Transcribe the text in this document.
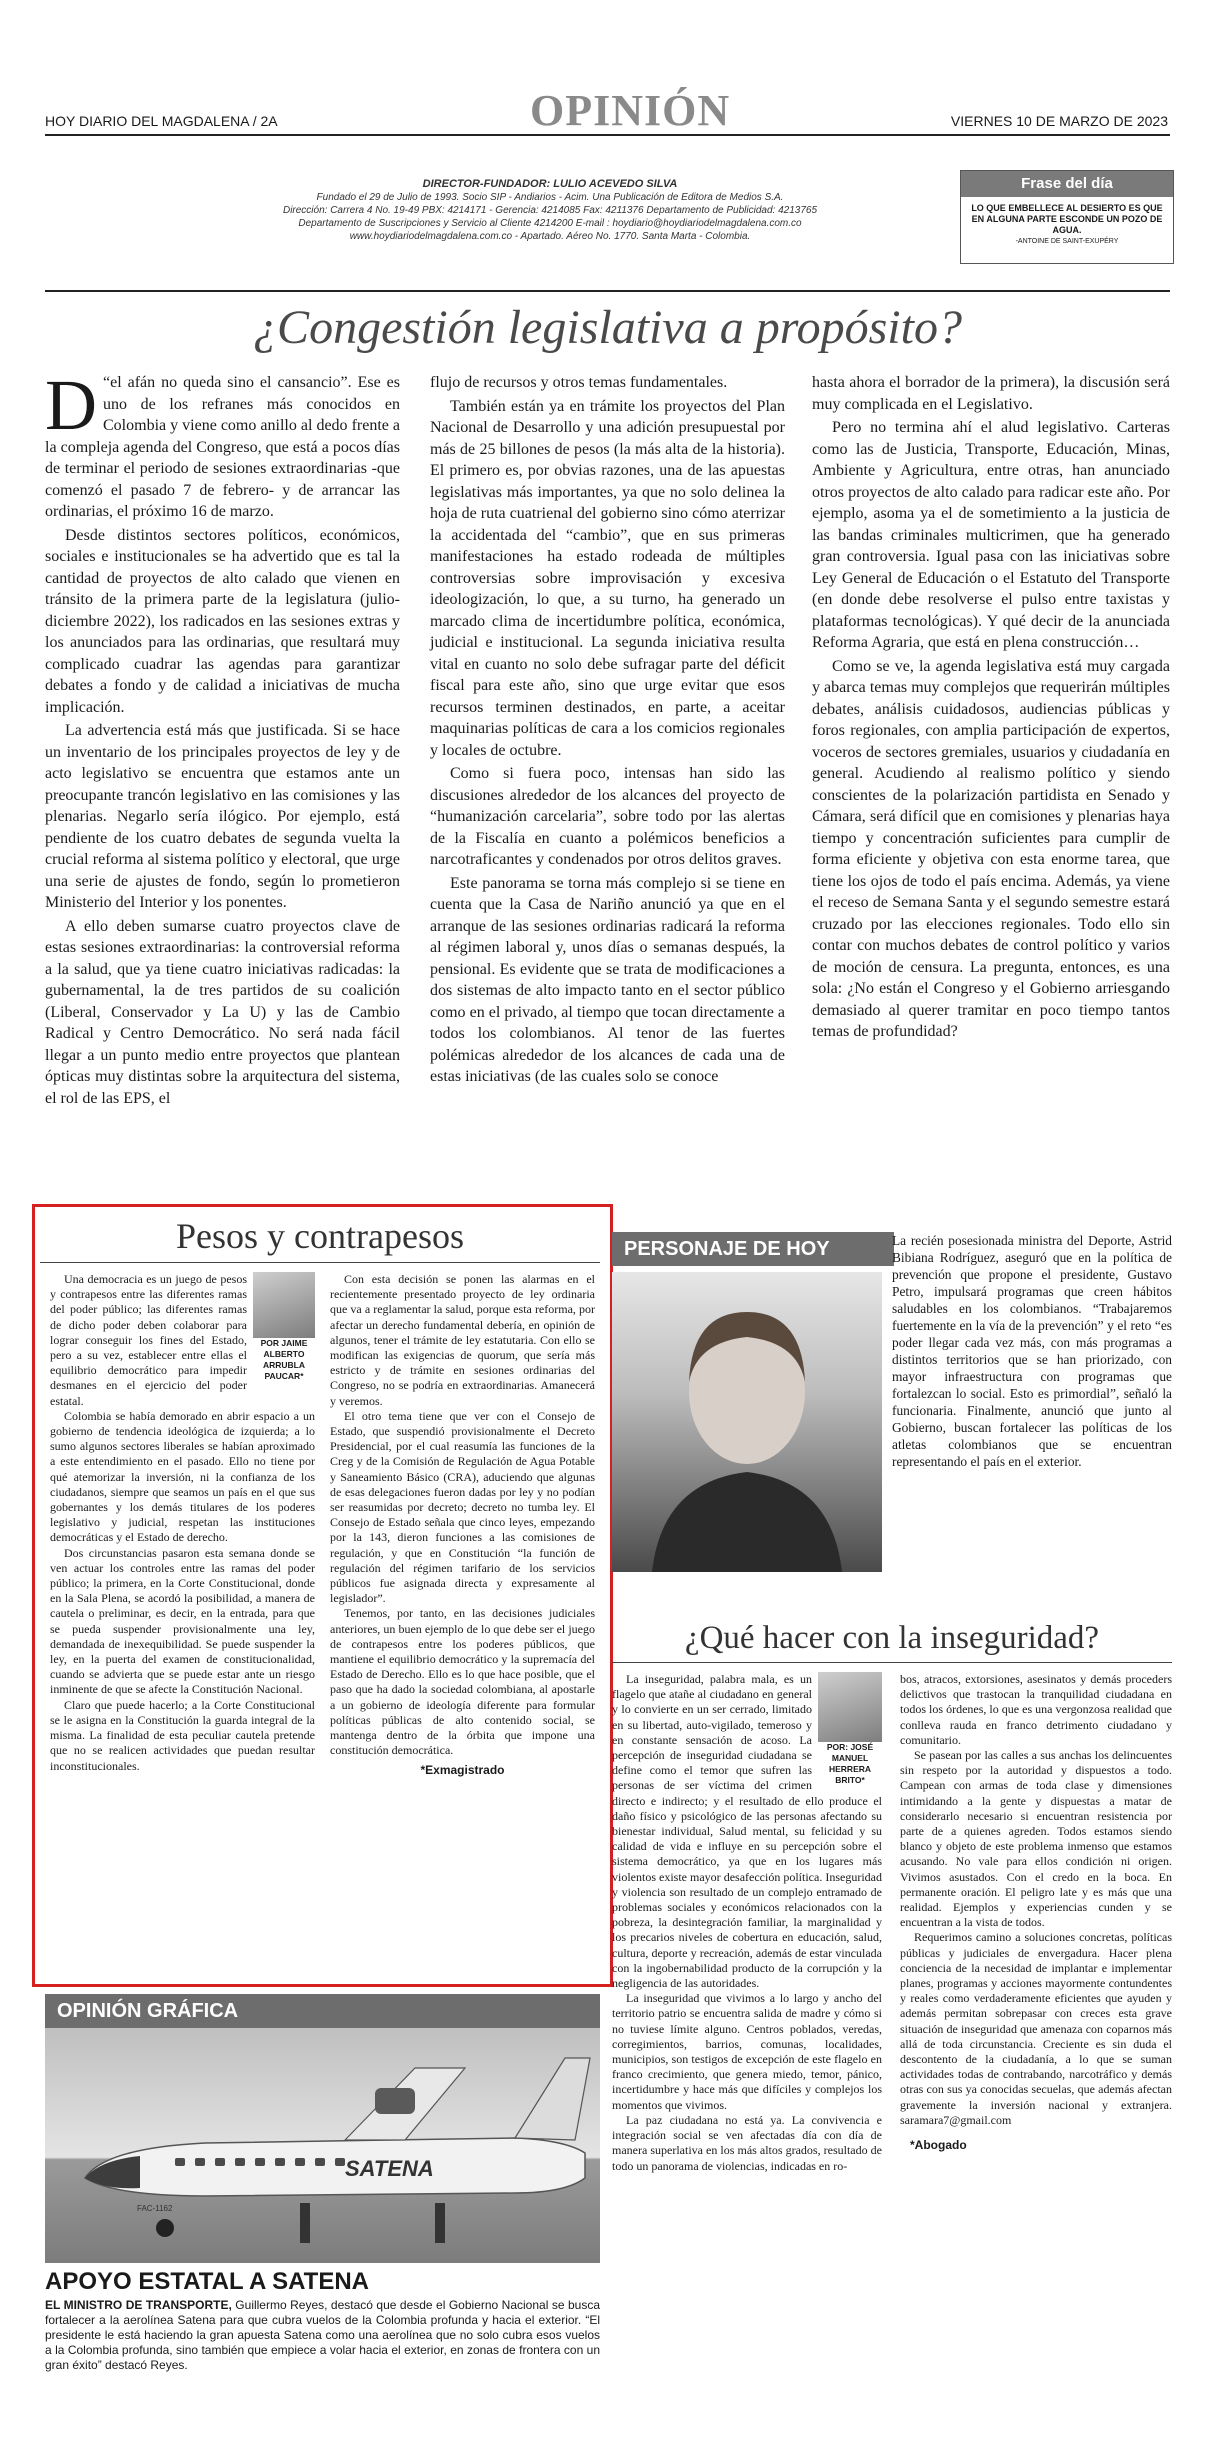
HOY DIARIO DEL MAGDALENA / 2A	OPINIÓN	VIERNES 10 DE MARZO DE 2023
DIRECTOR-FUNDADOR: LULIO ACEVEDO SILVA
Fundado el 29 de Julio de 1993. Socio SIP - Andiarios - Acim. Una Publicación de Editora de Medios S.A.
Dirección: Carrera 4 No. 19-49 PBX: 4214171 - Gerencia: 4214085 Fax: 4211376 Departamento de Publicidad: 4213765
Departamento de Suscripciones y Servicio al Cliente 4214200 E-mail : hoydiario@hoydiariodelmagdalena.com.co
www.hoydiariodelmagdalena.com.co - Apartado. Aéreo No. 1770. Santa Marta - Colombia.
Frase del día
LO QUE EMBELLECE AL DESIERTO ES QUE EN ALGUNA PARTE ESCONDE UN POZO DE AGUA.
-ANTOINE DE SAINT-EXUPÉRY
¿Congestión legislativa a propósito?

D “el afán no queda sino el cansancio”. Ese es uno de los refranes más conocidos en Colombia y viene como anillo al dedo frente a la compleja agenda del Congreso, que está a pocos días de terminar el periodo de sesiones extraordinarias -que comenzó el pasado 7 de febrero- y de arrancar las ordinarias, el próximo 16 de marzo.

Desde distintos sectores políticos, económicos, sociales e institucionales se ha advertido que es tal la cantidad de proyectos de alto calado que vienen en tránsito de la primera parte de la legislatura (julio-diciembre 2022), los radicados en las sesiones extras y los anunciados para las ordinarias, que resultará muy complicado cuadrar las agendas para garantizar debates a fondo y de calidad a iniciativas de mucha implicación.

La advertencia está más que justificada. Si se hace un inventario de los principales proyectos de ley y de acto legislativo se encuentra que estamos ante un preocupante trancón legislativo en las comisiones y las plenarias. Negarlo sería ilógico. Por ejemplo, está pendiente de los cuatro debates de segunda vuelta la crucial reforma al sistema político y electoral, que urge una serie de ajustes de fondo, según lo prometieron Ministerio del Interior y los ponentes.

A ello deben sumarse cuatro proyectos clave de estas sesiones extraordinarias: la controversial reforma a la salud, que ya tiene cuatro iniciativas radicadas: la gubernamental, la de tres partidos de su coalición (Liberal, Conservador y La U) y las de Cambio Radical y Centro Democrático. No será nada fácil llegar a un punto medio entre proyectos que plantean ópticas muy distintas sobre la arquitectura del sistema, el rol de las EPS, el

flujo de recursos y otros temas fundamentales.

También están ya en trámite los proyectos del Plan Nacional de Desarrollo y una adición presupuestal por más de 25 billones de pesos (la más alta de la historia). El primero es, por obvias razones, una de las apuestas legislativas más importantes, ya que no solo delinea la hoja de ruta cuatrienal del gobierno sino cómo aterrizar la accidentada del “cambio”, que en sus primeras manifestaciones ha estado rodeada de múltiples controversias sobre improvisación y excesiva ideologización, lo que, a su turno, ha generado un marcado clima de incertidumbre política, económica, judicial e institucional. La segunda iniciativa resulta vital en cuanto no solo debe sufragar parte del déficit fiscal para este año, sino que urge evitar que esos recursos terminen destinados, en parte, a aceitar maquinarias políticas de cara a los comicios regionales y locales de octubre.

Como si fuera poco, intensas han sido las discusiones alrededor de los alcances del proyecto de “humanización carcelaria”, sobre todo por las alertas de la Fiscalía en cuanto a polémicos beneficios a narcotraficantes y condenados por otros delitos graves.

Este panorama se torna más complejo si se tiene en cuenta que la Casa de Nariño anunció ya que en el arranque de las sesiones ordinarias radicará la reforma al régimen laboral y, unos días o semanas después, la pensional. Es evidente que se trata de modificaciones a dos sistemas de alto impacto tanto en el sector público como en el privado, al tiempo que tocan directamente a todos los colombianos. Al tenor de las fuertes polémicas alrededor de los alcances de cada una de estas iniciativas (de las cuales solo se conoce

hasta ahora el borrador de la primera), la discusión será muy complicada en el Legislativo.

Pero no termina ahí el alud legislativo. Carteras como las de Justicia, Transporte, Educación, Minas, Ambiente y Agricultura, entre otras, han anunciado otros proyectos de alto calado para radicar este año. Por ejemplo, asoma ya el de sometimiento a la justicia de las bandas criminales multicrimen, que ha generado gran controversia. Igual pasa con las iniciativas sobre Ley General de Educación o el Estatuto del Transporte (en donde debe resolverse el pulso entre taxistas y plataformas tecnológicas). Y qué decir de la anunciada Reforma Agraria, que está en plena construcción…

Como se ve, la agenda legislativa está muy cargada y abarca temas muy complejos que requerirán múltiples debates, análisis cuidadosos, audiencias públicas y foros regionales, con amplia participación de expertos, voceros de sectores gremiales, usuarios y ciudadanía en general. Acudiendo al realismo político y siendo conscientes de la polarización partidista en Senado y Cámara, será difícil que en comisiones y plenarias haya tiempo y concentración suficientes para cumplir de forma eficiente y objetiva con esta enorme tarea, que tiene los ojos de todo el país encima. Además, ya viene el receso de Semana Santa y el segundo semestre estará cruzado por las elecciones regionales. Todo ello sin contar con muchos debates de control político y varios de moción de censura. La pregunta, entonces, es una sola: ¿No están el Congreso y el Gobierno arriesgando demasiado al querer tramitar en poco tiempo tantos temas de profundidad?

Pesos y contrapesos
POR JAIME ALBERTO ARRUBLA PAUCAR*

Una democracia es un juego de pesos y contrapesos entre las diferentes ramas del poder público; las diferentes ramas de dicho poder deben colaborar para lograr conseguir los fines del Estado, pero a su vez, establecer entre ellas el equilibrio democrático para impedir desmanes en el ejercicio del poder estatal.

Colombia se había demorado en abrir espacio a un gobierno de tendencia ideológica de izquierda; a lo sumo algunos sectores liberales se habían aproximado a este entendimiento en el pasado. Ello no tiene por qué atemorizar la inversión, ni la confianza de los ciudadanos, siempre que seamos un país en el que sus gobernantes y los demás titulares de los poderes legislativo y judicial, respetan las instituciones democráticas y el Estado de derecho.

Dos circunstancias pasaron esta semana donde se ven actuar los controles entre las ramas del poder público; la primera, en la Corte Constitucional, donde en la Sala Plena, se acordó la posibilidad, a manera de cautela o preliminar, es decir, en la entrada, para que se pueda suspender provisionalmente una ley, demandada de inexequibilidad. Se puede suspender la ley, en la puerta del examen de constitucionalidad, cuando se advierta que se puede estar ante un riesgo inminente de que se afecte la Constitución Nacional.

Claro que puede hacerlo; a la Corte Constitucional se le asigna en la Constitución la guarda integral de la misma. La finalidad de esta peculiar cautela pretende que no se realicen actividades que puedan resultar inconstitucionales.

Con esta decisión se ponen las alarmas en el recientemente presentado proyecto de ley ordinaria que va a reglamentar la salud, porque esta reforma, por afectar un derecho fundamental debería, en opinión de algunos, tener el trámite de ley estatutaria. Con ello se modifican las exigencias de quorum, que sería más estricto y de trámite en sesiones ordinarias del Congreso, no se podría en extraordinarias. Amanecerá y veremos.

El otro tema tiene que ver con el Consejo de Estado, que suspendió provisionalmente el Decreto Presidencial, por el cual reasumía las funciones de la Creg y de la Comisión de Regulación de Agua Potable y Saneamiento Básico (CRA), aduciendo que algunas de esas delegaciones fueron dadas por ley y no podían ser reasumidas por decreto; decreto no tumba ley. El Consejo de Estado señala que cinco leyes, empezando por la 143, dieron funciones a las comisiones de regulación, y que en Constitución “la función de regulación del régimen tarifario de los servicios públicos fue asignada directa y expresamente al legislador”.

Tenemos, por tanto, en las decisiones judiciales anteriores, un buen ejemplo de lo que debe ser el juego de contrapesos entre los poderes públicos, que mantiene el equilibrio democrático y la supremacía del Estado de Derecho. Ello es lo que hace posible, que el paso que ha dado la sociedad colombiana, al apostarle a un gobierno de ideología diferente para formular políticas públicas de alto contenido social, se mantenga dentro de la órbita que impone una constitución democrática.

*Exmagistrado
PERSONAJE DE HOY	La recién posesionada ministra del Deporte, Astrid Bibiana Rodríguez, aseguró que en la política de prevención que propone el presidente, Gustavo Petro, impulsará programas que creen hábitos saludables en los colombianos. “Trabajaremos fuertemente en la vía de la prevención” y el reto “es poder llegar cada vez más, con más programas a distintos territorios que se han priorizado, con mayor infraestructura con programas que fortalezcan lo social. Esto es primordial”, señaló la funcionaria. Finalmente, anunció que junto al Gobierno, buscan fortalecer las políticas de los atletas colombianos que se encuentran representando el país en el exterior.
¿Qué hacer con la inseguridad?
POR: JOSÉ MANUEL HERRERA BRITO*

La inseguridad, palabra mala, es un flagelo que atañe al ciudadano en general y lo convierte en un ser cerrado, limitado en su libertad, auto-vigilado, temeroso y en constante sensación de acoso. La percepción de inseguridad ciudadana se define como el temor que sufren las personas de ser víctima del crimen directo e indirecto; y el resultado de ello produce el daño físico y psicológico de las personas afectando su bienestar individual, Salud mental, su felicidad y su calidad de vida e influye en su percepción sobre el sistema democrático, ya que en los lugares más violentos existe mayor desafección política. Inseguridad y violencia son resultado de un complejo entramado de problemas sociales y económicos relacionados con la pobreza, la desintegración familiar, la marginalidad y los precarios niveles de cobertura en educación, salud, cultura, deporte y recreación, además de estar vinculada con la ingobernabilidad producto de la corrupción y la negligencia de las autoridades.

La inseguridad que vivimos a lo largo y ancho del territorio patrio se encuentra salida de madre y cómo si no tuviese límite alguno. Centros poblados, veredas, corregimientos, barrios, comunas, localidades, municipios, son testigos de excepción de este flagelo en franco crecimiento, que genera miedo, temor, pánico, incertidumbre y hace más que difíciles y complejos los momentos que vivimos.

La paz ciudadana no está ya. La convivencia e integración social se ven afectadas día con día de manera superlativa en los más altos grados, resultado de todo un panorama de violencias, indicadas en ro-

bos, atracos, extorsiones, asesinatos y demás proceders delictivos que trastocan la tranquilidad ciudadana en todos los órdenes, lo que es una vergonzosa realidad que conlleva rauda en franco detrimento ciudadano y comunitario.

Se pasean por las calles a sus anchas los delincuentes sin respeto por la autoridad y dispuestos a todo. Campean con armas de toda clase y dimensiones intimidando a la gente y dispuestas a matar de considerarlo necesario si encuentran resistencia por parte de a quienes agreden. Todos estamos siendo blanco y objeto de este problema inmenso que estamos acusando. No vale para ellos condición ni origen. Vivimos asustados. Con el credo en la boca. En permanente oración. El peligro late y es más que una realidad. Ejemplos y experiencias cunden y se encuentran a la vista de todos.

Requerimos camino a soluciones concretas, políticas públicas y judiciales de envergadura. Hacer plena conciencia de la necesidad de implantar e implementar planes, programas y acciones mayormente contundentes y reales como verdaderamente eficientes que ayuden y además permitan sobrepasar con creces esta grave situación de inseguridad que amenaza con coparnos más allá de toda circunstancia. Creciente es sin duda el descontento de la ciudadanía, a lo que se suman actividades todas de contrabando, narcotráfico y demás otras con sus ya conocidas secuelas, que además afectan gravemente la inversión nacional y extranjera. saramara7@gmail.com

*Abogado
OPINIÓN GRÁFICA
SATENA
FAC-1162
APOYO ESTATAL A SATENA
EL MINISTRO DE TRANSPORTE, Guillermo Reyes, destacó que desde el Gobierno Nacional se busca fortalecer a la aerolínea Satena para que cubra vuelos de la Colombia profunda y hacia el exterior. “El presidente le está haciendo la gran apuesta Satena como una aerolínea que no solo cubra esos vuelos a la Colombia profunda, sino también que empiece a volar hacia el exterior, en zonas de frontera con un gran éxito” destacó Reyes.
